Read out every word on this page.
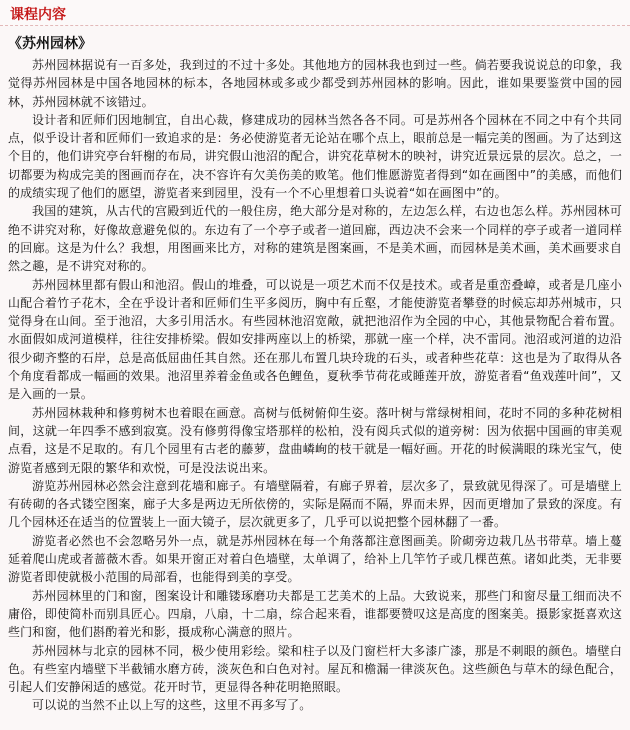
课程内容
《苏州园林》

苏州园林据说有一百多处，我到过的不过十多处。其他地方的园林我也到过一些。倘若要我说说总的印象，我觉得苏州园林是中国各地园林的标本，各地园林或多或少都受到苏州园林的影响。因此，谁如果要鉴赏中国的园林，苏州园林就不该错过。

设计者和匠师们因地制宜，自出心裁，修建成功的园林当然各各不同。可是苏州各个园林在不同之中有个共同点，似乎设计者和匠师们一致追求的是：务必使游览者无论站在哪个点上，眼前总是一幅完美的图画。为了达到这个目的，他们讲究亭台轩榭的布局，讲究假山池沼的配合，讲究花草树木的映衬，讲究近景远景的层次。总之，一切都要为构成完美的图画而存在，决不容许有欠美伤美的败笔。他们惟愿游览者得到“如在画图中”的美感，而他们的成绩实现了他们的愿望，游览者来到园里，没有一个不心里想着口头说着“如在画图中”的。

我国的建筑，从古代的宫殿到近代的一般住房，绝大部分是对称的，左边怎么样，右边也怎么样。苏州园林可绝不讲究对称，好像故意避免似的。东边有了一个亭子或者一道回廊，西边决不会来一个同样的亭子或者一道同样的回廊。这是为什么？我想，用图画来比方，对称的建筑是图案画，不是美术画，而园林是美术画，美术画要求自然之趣，是不讲究对称的。

苏州园林里都有假山和池沼。假山的堆叠，可以说是一项艺术而不仅是技术。或者是重峦叠嶂，或者是几座小山配合着竹子花木，全在乎设计者和匠师们生平多阅历，胸中有丘壑，才能使游览者攀登的时候忘却苏州城市，只觉得身在山间。至于池沼，大多引用活水。有些园林池沼宽敞，就把池沼作为全园的中心，其他景物配合着布置。水面假如成河道模样，往往安排桥梁。假如安排两座以上的桥梁，那就一座一个样，决不雷同。池沼或河道的边沿很少砌齐整的石岸，总是高低屈曲任其自然。还在那儿布置几块玲珑的石头，或者种些花草：这也是为了取得从各个角度看都成一幅画的效果。池沼里养着金鱼或各色鲤鱼，夏秋季节荷花或睡莲开放，游览者看“鱼戏莲叶间”，又是入画的一景。

苏州园林栽种和修剪树木也着眼在画意。高树与低树俯仰生姿。落叶树与常绿树相间，花时不同的多种花树相间，这就一年四季不感到寂寞。没有修剪得像宝塔那样的松柏，没有阅兵式似的道旁树：因为依据中国画的审美观点看，这是不足取的。有几个园里有古老的藤萝，盘曲嶙峋的枝干就是一幅好画。开花的时候满眼的珠光宝气，使游览者感到无限的繁华和欢悦，可是没法说出来。

游览苏州园林必然会注意到花墙和廊子。有墙壁隔着，有廊子界着，层次多了，景致就见得深了。可是墙壁上有砖砌的各式镂空图案，廊子大多是两边无所依傍的，实际是隔而不隔，界而未界，因而更增加了景致的深度。有几个园林还在适当的位置装上一面大镜子，层次就更多了，几乎可以说把整个园林翻了一番。

游览者必然也不会忽略另外一点，就是苏州园林在每一个角落都注意图画美。阶砌旁边栽几丛书带草。墙上蔓延着爬山虎或者蔷薇木香。如果开窗正对着白色墙壁，太单调了，给补上几竿竹子或几棵芭蕉。诸如此类，无非要游览者即使就极小范围的局部看，也能得到美的享受。

苏州园林里的门和窗，图案设计和雕镂琢磨功夫都是工艺美术的上品。大致说来，那些门和窗尽量工细而决不庸俗，即使简朴而别具匠心。四扇，八扇，十二扇，综合起来看，谁都要赞叹这是高度的图案美。摄影家挺喜欢这些门和窗，他们斟酌着光和影，摄成称心满意的照片。

苏州园林与北京的园林不同，极少使用彩绘。梁和柱子以及门窗栏杆大多漆广漆，那是不刺眼的颜色。墙壁白色。有些室内墙壁下半截铺水磨方砖，淡灰色和白色对衬。屋瓦和檐漏一律淡灰色。这些颜色与草木的绿色配合，引起人们安静闲适的感觉。花开时节，更显得各种花明艳照眼。

可以说的当然不止以上写的这些，这里不再多写了。
